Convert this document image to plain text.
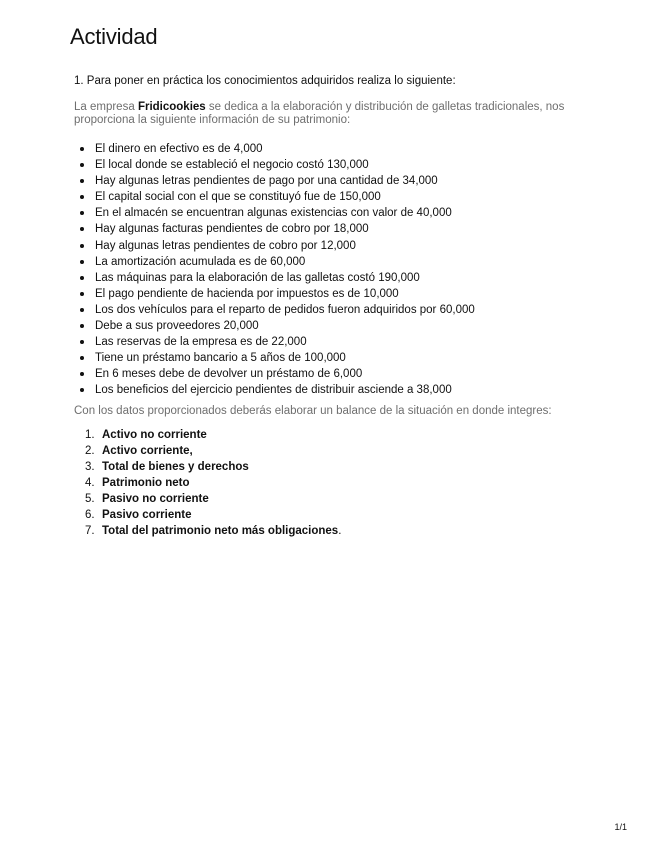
Actividad

1. Para poner en práctica los conocimientos adquiridos realiza lo siguiente:

La empresa Fridicookies se dedica a la elaboración y distribución de galletas tradicionales, nos proporciona la siguiente información de su patrimonio:

El dinero en efectivo es de 4,000
El local donde se estableció el negocio costó 130,000
Hay algunas letras pendientes de pago por una cantidad de 34,000
El capital social con el que se constituyó fue de 150,000
En el almacén se encuentran algunas existencias con valor de 40,000
Hay algunas facturas pendientes de cobro por 18,000
Hay algunas letras pendientes de cobro por 12,000
La amortización acumulada es de 60,000
Las máquinas para la elaboración de las galletas costó 190,000
El pago pendiente de hacienda por impuestos es de 10,000
Los dos vehículos para el reparto de pedidos fueron adquiridos por 60,000
Debe a sus proveedores 20,000
Las reservas de la empresa es de 22,000
Tiene un préstamo bancario a 5 años de 100,000
En 6 meses debe de devolver un préstamo de 6,000
Los beneficios del ejercicio pendientes de distribuir asciende a 38,000

Con los datos proporcionados deberás elaborar un balance de la situación en donde integres:

1. Activo no corriente
2. Activo corriente,
3. Total de bienes y derechos
4. Patrimonio neto
5. Pasivo no corriente
6. Pasivo corriente
7. Total del patrimonio neto más obligaciones.
1/1
